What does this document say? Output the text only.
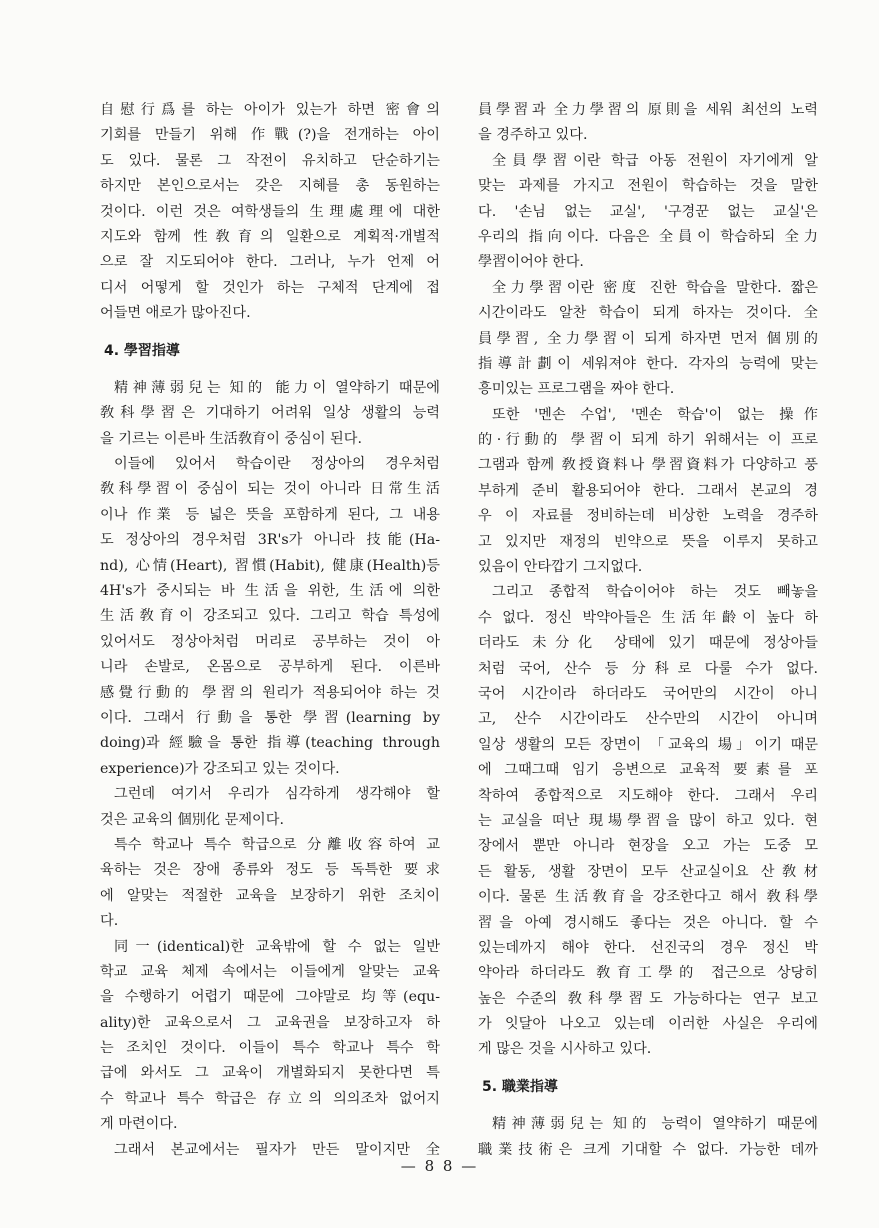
自慰行爲를 하는 아이가 있는가 하면 密會의
기회를 만들기 위해 作戰(?)을 전개하는 아이
도 있다. 물론 그 작전이 유치하고 단순하기는
하지만 본인으로서는 갖은 지혜를 총 동원하는
것이다. 이런 것은 여학생들의 生理處理에 대한
지도와 함께 性敎育의 일환으로 계획적·개별적
으로 잘 지도되어야 한다. 그러나, 누가 언제 어
디서 어떻게 할 것인가 하는 구체적 단계에 접
어들면 애로가 많아진다.
4. 學習指導
精神薄弱兒는 知的 能力이 열약하기 때문에
敎科學習은 기대하기 어려워 일상 생활의 능력
을 기르는 이른바 生活敎育이 중심이 된다.
이들에 있어서 학습이란 정상아의 경우처럼
敎科學習이 중심이 되는 것이 아니라 日常生活
이나 作業 등 넓은 뜻을 포함하게 된다, 그 내용
도 정상아의 경우처럼 3R's가 아니라 技能(Ha-
nd), 心情(Heart), 習慣(Habit), 健康(Health)등
4H's가 중시되는 바 生活을 위한, 生活에 의한
生活敎育이 강조되고 있다. 그리고 학습 특성에
있어서도 정상아처럼 머리로 공부하는 것이 아
니라 손발로, 온몸으로 공부하게 된다. 이른바
感覺行動的 學習의 원리가 적용되어야 하는 것
이다. 그래서 行動을 통한 學習(learning by
doing)과 經驗을 통한 指導(teaching through
experience)가 강조되고 있는 것이다.
그런데 여기서 우리가 심각하게 생각해야 할
것은 교육의 個別化 문제이다.
특수 학교나 특수 학급으로 分離收容하여 교
육하는 것은 장애 종류와 정도 등 독특한 要求
에 알맞는 적절한 교육을 보장하기 위한 조치이
다.
同一(identical)한 교육밖에 할 수 없는 일반
학교 교육 체제 속에서는 이들에게 알맞는 교육
을 수행하기 어렵기 때문에 그야말로 均等(equ-
ality)한 교육으로서 그 교육권을 보장하고자 하
는 조치인 것이다. 이들이 특수 학교나 특수 학
급에 와서도 그 교육이 개별화되지 못한다면 특
수 학교나 특수 학급은 存立의 의의조차 없어지
게 마련이다.
그래서 본교에서는 필자가 만든 말이지만 全
員學習과 全力學習의 原則을 세워 최선의 노력
을 경주하고 있다.
全員學習이란 학급 아동 전원이 자기에게 알
맞는 과제를 가지고 전원이 학습하는 것을 말한
다. '손님 없는 교실', '구경꾼 없는 교실'은
우리의 指向이다. 다음은 全員이 학습하되 全力
學習이어야 한다.
全力學習이란 密度 진한 학습을 말한다. 짧은
시간이라도 알찬 학습이 되게 하자는 것이다. 全
員學習, 全力學習이 되게 하자면 먼저 個別的
指導計劃이 세워져야 한다. 각자의 능력에 맞는
흥미있는 프로그램을 짜야 한다.
또한 '멘손 수업', '멘손 학습'이 없는 操作
的·行動的 學習이 되게 하기 위해서는 이 프로
그램과 함께 敎授資料나 學習資料가 다양하고 풍
부하게 준비 활용되어야 한다. 그래서 본교의 경
우 이 자료를 정비하는데 비상한 노력을 경주하
고 있지만 재정의 빈약으로 뜻을 이루지 못하고
있음이 안타깝기 그지없다.
그리고 종합적 학습이어야 하는 것도 빼놓을
수 없다. 정신 박약아들은 生活年齡이 높다 하
더라도 未分化 상태에 있기 때문에 정상아들
처럼 국어, 산수 등 分科로 다룰 수가 없다.
국어 시간이라 하더라도 국어만의 시간이 아니
고, 산수 시간이라도 산수만의 시간이 아니며
일상 생활의 모든 장면이 「교육의 場」이기 때문
에 그때그때 임기 응변으로 교육적 要素를 포
착하여 종합적으로 지도해야 한다. 그래서 우리
는 교실을 떠난 現場學習을 많이 하고 있다. 현
장에서 뿐만 아니라 현장을 오고 가는 도중 모
든 활동, 생활 장면이 모두 산교실이요 산敎材
이다. 물론 生活敎育을 강조한다고 해서 敎科學
習을 아예 경시해도 좋다는 것은 아니다. 할 수
있는데까지 해야 한다. 선진국의 경우 정신 박
약아라 하더라도 敎育工學的 접근으로 상당히
높은 수준의 敎科學習도 가능하다는 연구 보고
가 잇달아 나오고 있는데 이러한 사실은 우리에
게 많은 것을 시사하고 있다.
5. 職業指導
精神薄弱兒는 知的 능력이 열약하기 때문에
職業技術은 크게 기대할 수 없다. 가능한 데까
— 8 8 —
